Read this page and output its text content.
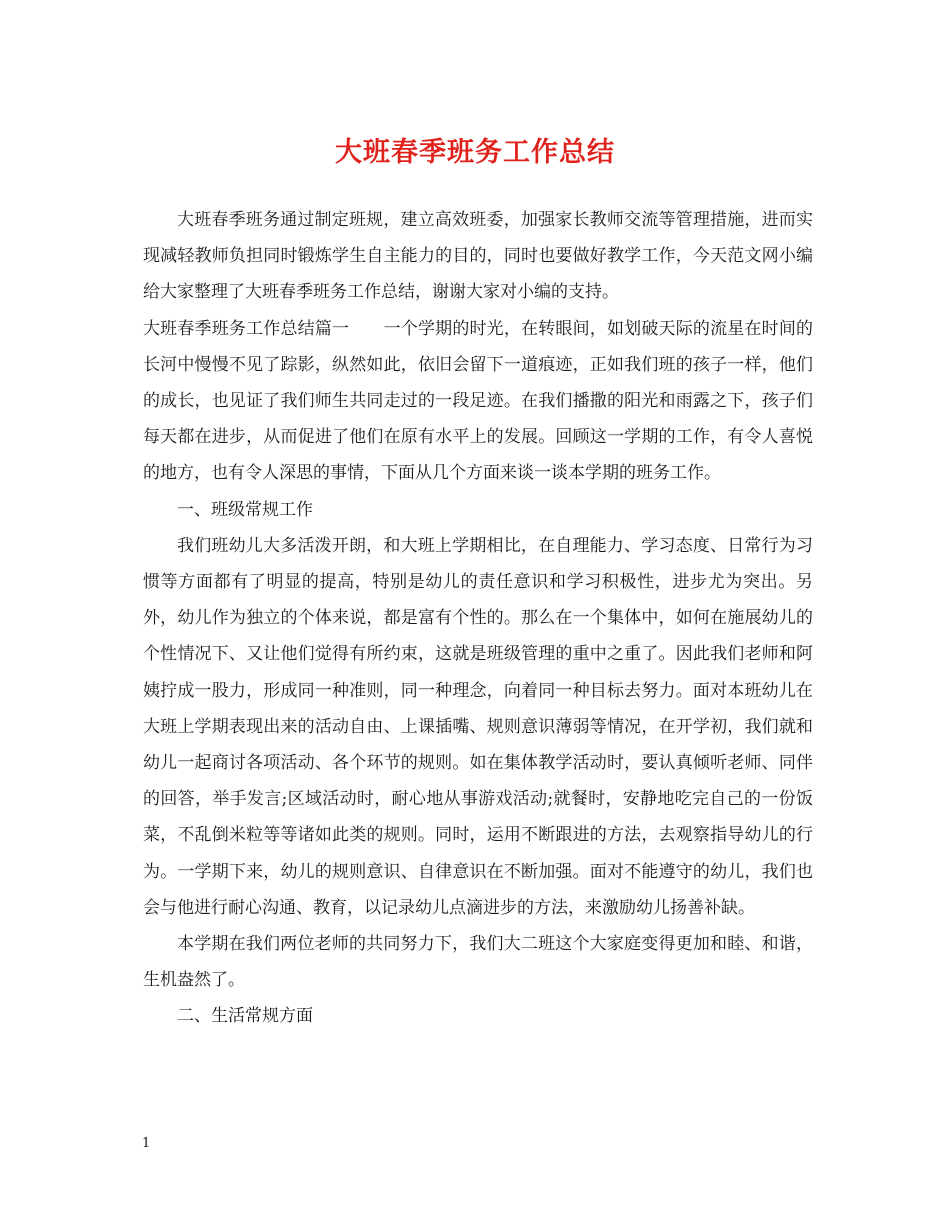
大班春季班务工作总结

大班春季班务通过制定班规，建立高效班委，加强家长教师交流等管理措施，进而实现减轻教师负担同时锻炼学生自主能力的目的，同时也要做好教学工作，今天范文网小编给大家整理了大班春季班务工作总结，谢谢大家对小编的支持。

大班春季班务工作总结篇一　　一个学期的时光，在转眼间，如划破天际的流星在时间的长河中慢慢不见了踪影，纵然如此，依旧会留下一道痕迹，正如我们班的孩子一样，他们的成长，也见证了我们师生共同走过的一段足迹。在我们播撒的阳光和雨露之下，孩子们每天都在进步，从而促进了他们在原有水平上的发展。回顾这一学期的工作，有令人喜悦的地方，也有令人深思的事情，下面从几个方面来谈一谈本学期的班务工作。

一、班级常规工作

我们班幼儿大多活泼开朗，和大班上学期相比，在自理能力、学习态度、日常行为习惯等方面都有了明显的提高，特别是幼儿的责任意识和学习积极性，进步尤为突出。另外，幼儿作为独立的个体来说，都是富有个性的。那么在一个集体中，如何在施展幼儿的个性情况下、又让他们觉得有所约束，这就是班级管理的重中之重了。因此我们老师和阿姨拧成一股力，形成同一种准则，同一种理念，向着同一种目标去努力。面对本班幼儿在大班上学期表现出来的活动自由、上课插嘴、规则意识薄弱等情况，在开学初，我们就和幼儿一起商讨各项活动、各个环节的规则。如在集体教学活动时，要认真倾听老师、同伴的回答，举手发言;区域活动时，耐心地从事游戏活动;就餐时，安静地吃完自己的一份饭菜，不乱倒米粒等等诸如此类的规则。同时，运用不断跟进的方法，去观察指导幼儿的行为。一学期下来，幼儿的规则意识、自律意识在不断加强。面对不能遵守的幼儿，我们也会与他进行耐心沟通、教育，以记录幼儿点滴进步的方法，来激励幼儿扬善补缺。

本学期在我们两位老师的共同努力下，我们大二班这个大家庭变得更加和睦、和谐，生机盎然了。

二、生活常规方面

1
